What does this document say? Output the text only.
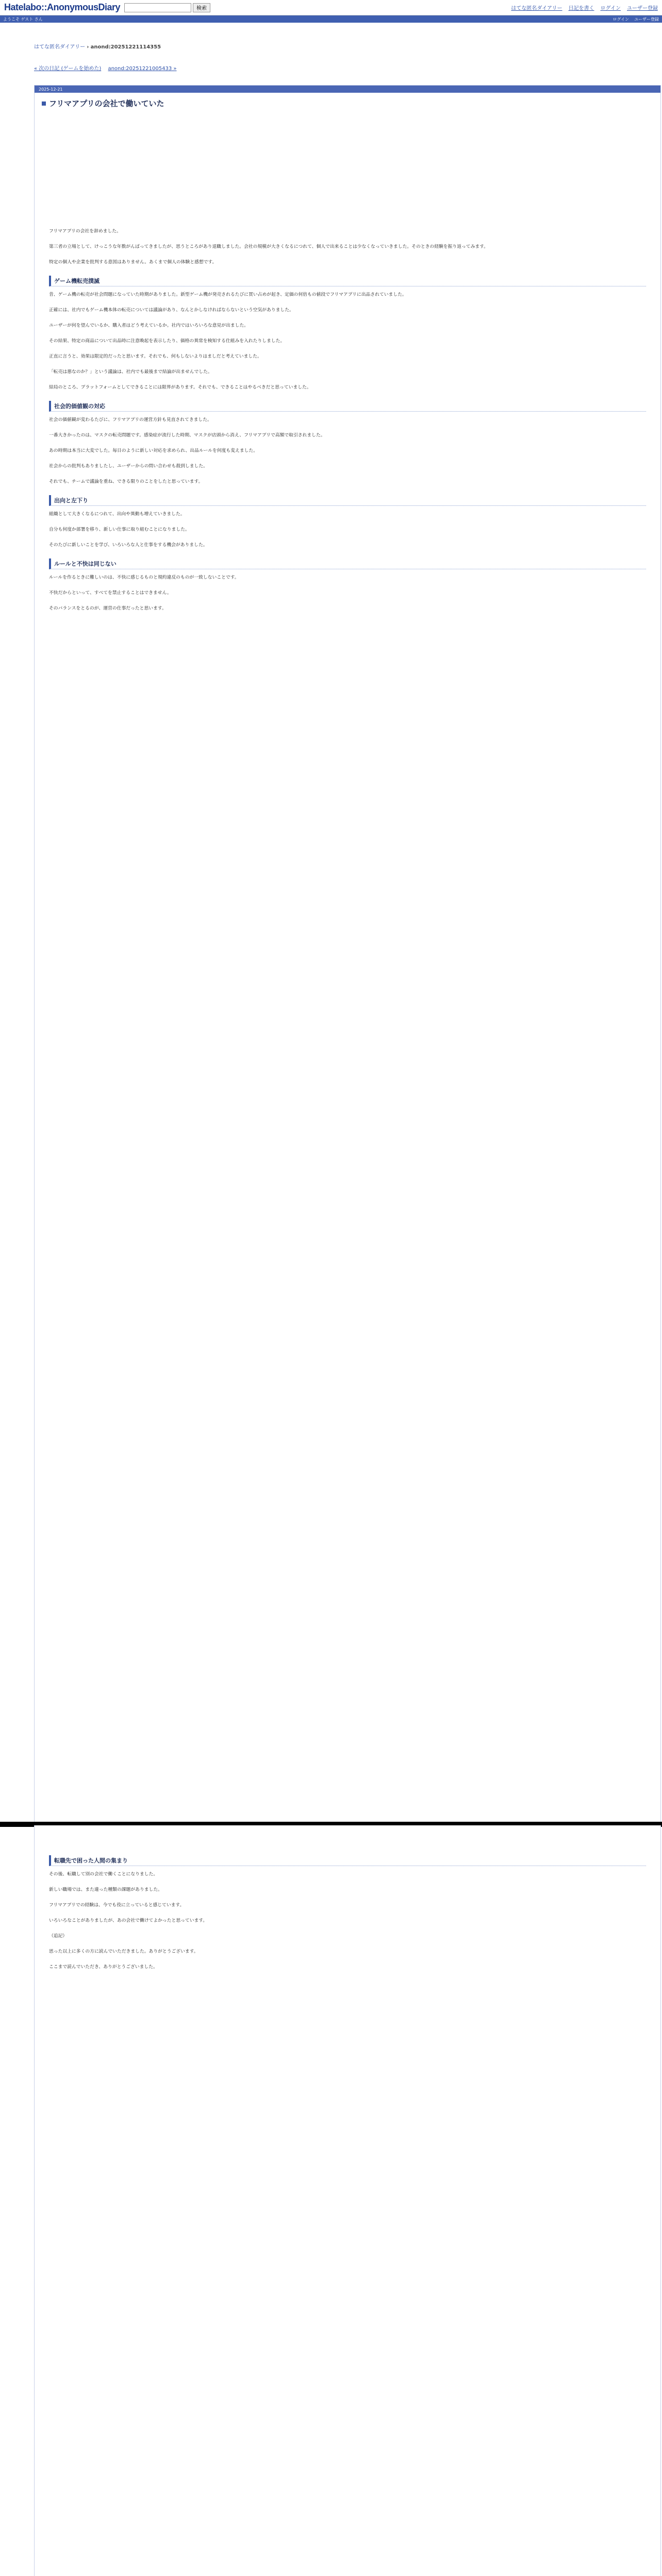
Hatelabo::AnonymousDiary	検索	はてな匿名ダイアリー 日記を書く ログイン ユーザー登録
ようこそ ゲスト さん	ログイン ユーザー登録
はてな匿名ダイアリー › anond:20251221114355
« 次の日記 (ゲームを始めた) anond:20251221005433 »
2025-12-21
フリマアプリの会社で働いていた

フリマアプリの会社を辞めました。

第三者の立場として、けっこうな年数がんばってきましたが、思うところがあり退職しました。会社の規模が大きくなるにつれて、個人で出来ることは少なくなっていきました。そのときの経験を振り返ってみます。

特定の個人や企業を批判する意図はありません。あくまで個人の体験と感想です。

ゲーム機転売撲滅

昔、ゲーム機の転売が社会問題になっていた時期がありました。新型ゲーム機が発売されるたびに買い占めが起き、定価の何倍もの値段でフリマアプリに出品されていました。

正確には、社内でもゲーム機本体の転売については議論があり、なんとかしなければならないという空気がありました。

ユーザーが何を望んでいるか、購入者はどう考えているか。社内ではいろいろな意見が出ました。

その結果、特定の商品について出品時に注意喚起を表示したり、価格の異常を検知する仕組みを入れたりしました。

正直に言うと、効果は限定的だったと思います。それでも、何もしないよりはましだと考えていました。

「転売は悪なのか？」という議論は、社内でも最後まで結論が出ませんでした。

結局のところ、プラットフォームとしてできることには限界があります。それでも、できることはやるべきだと思っていました。

社会的価値観の対応

社会の価値観が変わるたびに、フリマアプリの運営方針も見直されてきました。

一番大きかったのは、マスクの転売問題です。感染症が流行した時期、マスクが店頭から消え、フリマアプリで高額で取引されました。

あの時期は本当に大変でした。毎日のように新しい対応を求められ、出品ルールを何度も変えました。

社会からの批判もありましたし、ユーザーからの問い合わせも殺到しました。

それでも、チームで議論を重ね、できる限りのことをしたと思っています。

出向と左下り

組織として大きくなるにつれて、出向や異動も増えていきました。

自分も何度か部署を移り、新しい仕事に取り組むことになりました。

そのたびに新しいことを学び、いろいろな人と仕事をする機会がありました。

ルールと不快は同じない

ルールを作るときに難しいのは、不快に感じるものと規約違反のものが一致しないことです。

不快だからといって、すべてを禁止することはできません。

そのバランスをとるのが、運営の仕事だったと思います。

転職先で困った人間の集まり

その後、転職して別の会社で働くことになりました。

新しい職場では、また違った種類の課題がありました。

フリマアプリでの経験は、今でも役に立っていると感じています。

いろいろなことがありましたが、あの会社で働けてよかったと思っています。

（追記）

思った以上に多くの方に読んでいただきました。ありがとうございます。

ここまで読んでいただき、ありがとうございました。
